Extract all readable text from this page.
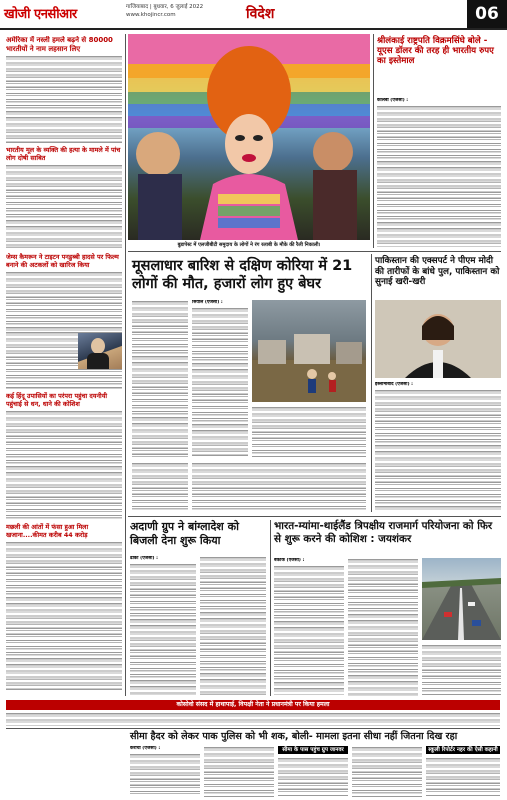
खोजी एनसीआर	गाजियाबाद | बुधवार, 6 जुलाई 2022
www.khojincr.com	विदेश	06
अमेरिका में नस्ली हमले बढ़ने से 80000 भारतीयों ने नाम लहसान लिए
भारतीय मूल के व्यक्ति की हत्या के मामले में पांच लोग दोषी साबित
जेम्स कैमरून ने टाइटन पनडुब्बी हादसे पर फिल्म बनाने की अटकलों को खारिज किया
कई हिंदू उपासियों का परंपरा पहुंचा दयनीयी पहुंचाई से धन, धाने की कोशिश
मछली की आंतों में फंसा हुआ मिला खजाना....कीमत करीब 44 करोड़
बुडापेस्ट में एलजीबीटी समुदाय के लोगों ने रंग रलाबी के मौके की रैली निकाली।
श्रीलंकाई राष्ट्रपति विक्रमसिंघे बोले - यूएस डॉलर की तरह ही भारतीय रुपए का इस्तेमाल
कोलंबो (एजेंसी) :
मूसलाधार बारिश से दक्षिण कोरिया में 21 लोगों की मौत, हजारों लोग हुए बेघर
सियोल (एजेंसी) :
पाकिस्तान की एक्सपर्ट ने पीएम मोदी की तारीफों के बांधे पुल, पाकिस्तान को सुनाई खरी-खरी
इस्लामाबाद (एजेंसी) :
अदाणी ग्रुप ने बांग्लादेश को बिजली देना शुरू किया
ढाका (एजेंसी) :
भारत-म्यांमा-थाईलैंड त्रिपक्षीय राजमार्ग परियोजना को फिर से शुरू करने की कोशिश : जयशंकर
बैंकॉक (एजेंसी) :
कोसोवो संसद में हाथापाई, विपक्षी नेता ने प्रधानमंत्री पर किया हमला
सीमा हैदर को लेकर पाक पुलिस को भी शक, बोली- मामला इतना सीधा नहीं जितना दिख रहा
कराची (एजेंसी) :	सीमा के पास पहुंच ग्रुप जानवर	स्कूली रिपोर्टर नहर की ऐसी कहानी
